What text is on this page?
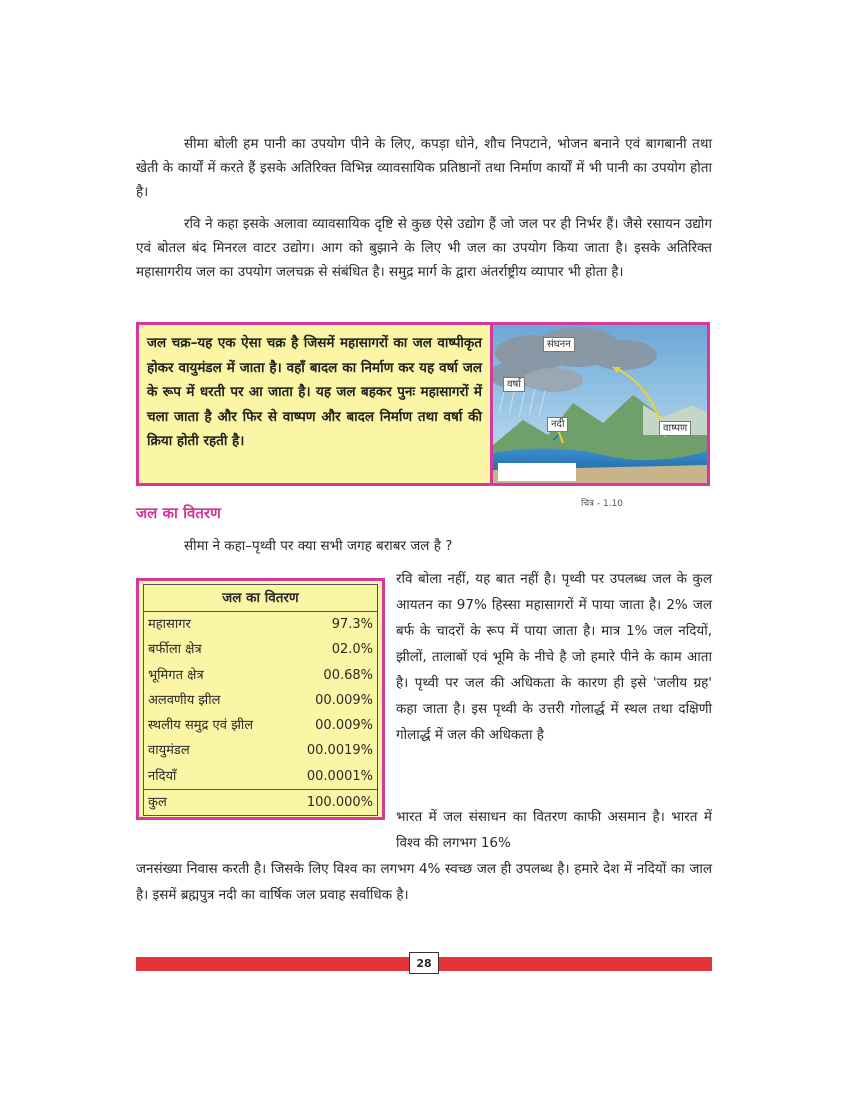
सीमा बोली हम पानी का उपयोग पीने के लिए, कपड़ा धोने, शौच निपटाने, भोजन बनाने एवं बागबानी तथा खेती के कार्यों में करते हैं इसके अतिरिक्त विभिन्न व्यावसायिक प्रतिष्ठानों तथा निर्माण कार्यों में भी पानी का उपयोग होता है।

रवि ने कहा इसके अलावा व्यावसायिक दृष्टि से कुछ ऐसे उद्योग हैं जो जल पर ही निर्भर हैं। जैसे रसायन उद्योग एवं बोतल बंद मिनरल वाटर उद्योग। आग को बुझाने के लिए भी जल का उपयोग किया जाता है। इसके अतिरिक्त महासागरीय जल का उपयोग जलचक्र से संबंधित है। समुद्र मार्ग के द्वारा अंतर्राष्ट्रीय व्यापार भी होता है।

जल चक्र–यह एक ऐसा चक्र है जिसमें महासागरों का जल वाष्पीकृत होकर वायुमंडल में जाता है। वहाँ बादल का निर्माण कर यह वर्षा जल के रूप में धरती पर आ जाता है। यह जल बहकर पुनः महासागरों में चला जाता है और फिर से वाष्पण और बादल निर्माण तथा वर्षा की क्रिया होती रहती है।
संघनन
वर्षा
नदी	वाष्पण
चित्र - 1.10
जल का वितरण
सीमा ने कहा–पृथ्वी पर क्या सभी जगह बराबर जल है ?
जल का वितरण
महासागर	97.3%
बर्फीला क्षेत्र	02.0%
भूमिगत क्षेत्र	00.68%
अलवणीय झील	00.009%
स्थलीय समुद्र एवं झील	00.009%
वायुमंडल	00.0019%
नदियाँ	00.0001%
कुल	100.000%

रवि बोला नहीं, यह बात नहीं है। पृथ्वी पर उपलब्ध जल के कुल आयतन का 97% हिस्सा महासागरों में पाया जाता है। 2% जल बर्फ के चादरों के रूप में पाया जाता है। मात्र 1% जल नदियों, झीलों, तालाबों एवं भूमि के नीचे है जो हमारे पीने के काम आता है। पृथ्वी पर जल की अधिकता के कारण ही इसे 'जलीय ग्रह' कहा जाता है। इस पृथ्वी के उत्तरी गोलार्द्ध में स्थल तथा दक्षिणी गोलार्द्ध में जल की अधिकता है

भारत में जल संसाधन का वितरण काफी असमान है। भारत में विश्व की लगभग 16%

जनसंख्या निवास करती है। जिसके लिए विश्व का लगभग 4% स्वच्छ जल ही उपलब्ध है। हमारे देश में नदियों का जाल है। इसमें ब्रह्मपुत्र नदी का वार्षिक जल प्रवाह सर्वाधिक है।

28
